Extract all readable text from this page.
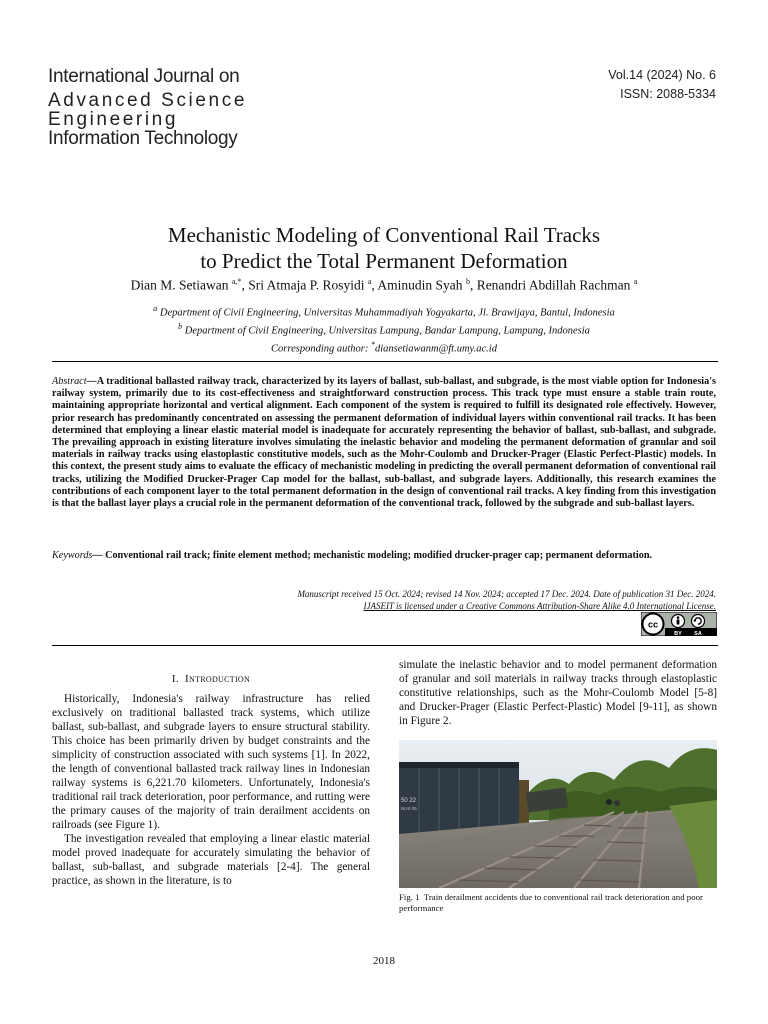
International Journal on
Advanced Science
Engineering
Information Technology
Vol.14 (2024) No. 6
ISSN: 2088-5334
Mechanistic Modeling of Conventional Rail Tracks
to Predict the Total Permanent Deformation
Dian M. Setiawan $^{a,*}$, Sri Atmaja P. Rosyidi $^a$, Aminudin Syah $^b$, Renandri Abdillah Rachman $^a$
$^a$ Department of Civil Engineering, Universitas Muhammadiyah Yogyakarta, Jl. Brawijaya, Bantul, Indonesia
$^b$ Department of Civil Engineering, Universitas Lampung, Bandar Lampung, Lampung, Indonesia
Corresponding author: *diansetiawanm@ft.umy.ac.id
Abstract—A traditional ballasted railway track, characterized by its layers of ballast, sub-ballast, and subgrade, is the most viable option for Indonesia's railway system, primarily due to its cost-effectiveness and straightforward construction process. This track type must ensure a stable train route, maintaining appropriate horizontal and vertical alignment. Each component of the system is required to fulfill its designated role effectively. However, prior research has predominantly concentrated on assessing the permanent deformation of individual layers within conventional rail tracks. It has been determined that employing a linear elastic material model is inadequate for accurately representing the behavior of ballast, sub-ballast, and subgrade. The prevailing approach in existing literature involves simulating the inelastic behavior and modeling the permanent deformation of granular and soil materials in railway tracks using elastoplastic constitutive models, such as the Mohr-Coulomb and Drucker-Prager (Elastic Perfect-Plastic) models. In this context, the present study aims to evaluate the efficacy of mechanistic modeling in predicting the overall permanent deformation of conventional rail tracks, utilizing the Modified Drucker-Prager Cap model for the ballast, sub-ballast, and subgrade layers. Additionally, this research examines the contributions of each component layer to the total permanent deformation in the design of conventional rail tracks. A key finding from this investigation is that the ballast layer plays a crucial role in the permanent deformation of the conventional track, followed by the subgrade and sub-ballast layers.
Keywords— Conventional rail track; finite element method; mechanistic modeling; modified drucker-prager cap; permanent deformation.
Manuscript received 15 Oct. 2024; revised 14 Nov. 2024; accepted 17 Dec. 2024. Date of publication 31 Dec. 2024.
IJASEIT is licensed under a Creative Commons Attribution-Share Alike 4.0 International License.
cc
BY SA
I. Introduction

Historically, Indonesia's railway infrastructure has relied exclusively on traditional ballasted track systems, which utilize ballast, sub-ballast, and subgrade layers to ensure structural stability. This choice has been primarily driven by budget constraints and the simplicity of construction associated with such systems [1]. In 2022, the length of conventional ballasted track railway lines in Indonesian railway systems is 6,221.70 kilometers. Unfortunately, Indonesia's traditional rail track deterioration, poor performance, and rutting were the primary causes of the majority of train derailment accidents on railroads (see Figure 1).

The investigation revealed that employing a linear elastic material model proved inadequate for accurately simulating the behavior of ballast, sub-ballast, and subgrade materials [2-4]. The general practice, as shown in the literature, is to

simulate the inelastic behavior and to model permanent deformation of granular and soil materials in railway tracks through elastoplastic constitutive relationships, such as the Mohr-Coulomb Model [5-8] and Drucker-Prager (Elastic Perfect-Plastic) Model [9-11], as shown in Figure 2.

50 22
NUS 05
Fig. 1 Train derailment accidents due to conventional rail track deterioration and poor performance
2018
